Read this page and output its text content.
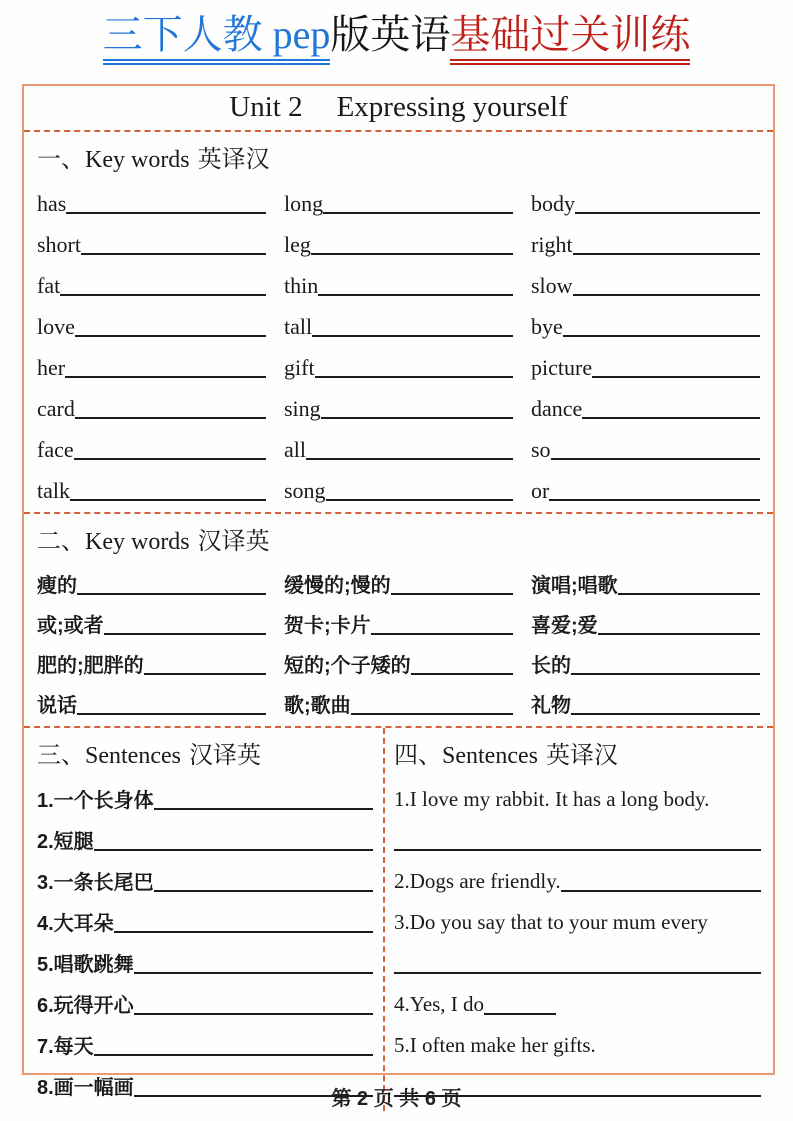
三下人教 pep版英语基础过关训练
Unit 2 Expressing yourself
一、Key words 英译汉
has	long	body
short	leg	right
fat	thin	slow
love	tall	bye
her	gift	picture
card	sing	dance
face	all	so
talk	song	or
二、Key words 汉译英
瘦的	缓慢的;慢的	演唱;唱歌
或;或者	贺卡;卡片	喜爱;爱
肥的;肥胖的	短的;个子矮的	长的
说话	歌;歌曲	礼物
三、Sentences 汉译英
1.一个长身体
2.短腿
3.一条长尾巴
4.大耳朵
5.唱歌跳舞
6.玩得开心
7.每天
8.画一幅画
四、Sentences 英译汉
1.I love my rabbit. It has a long body.
2.Dogs are friendly.
3.Do you say that to your mum every
4.Yes, I do
5.I often make her gifts.
第 2 页 共 6 页
